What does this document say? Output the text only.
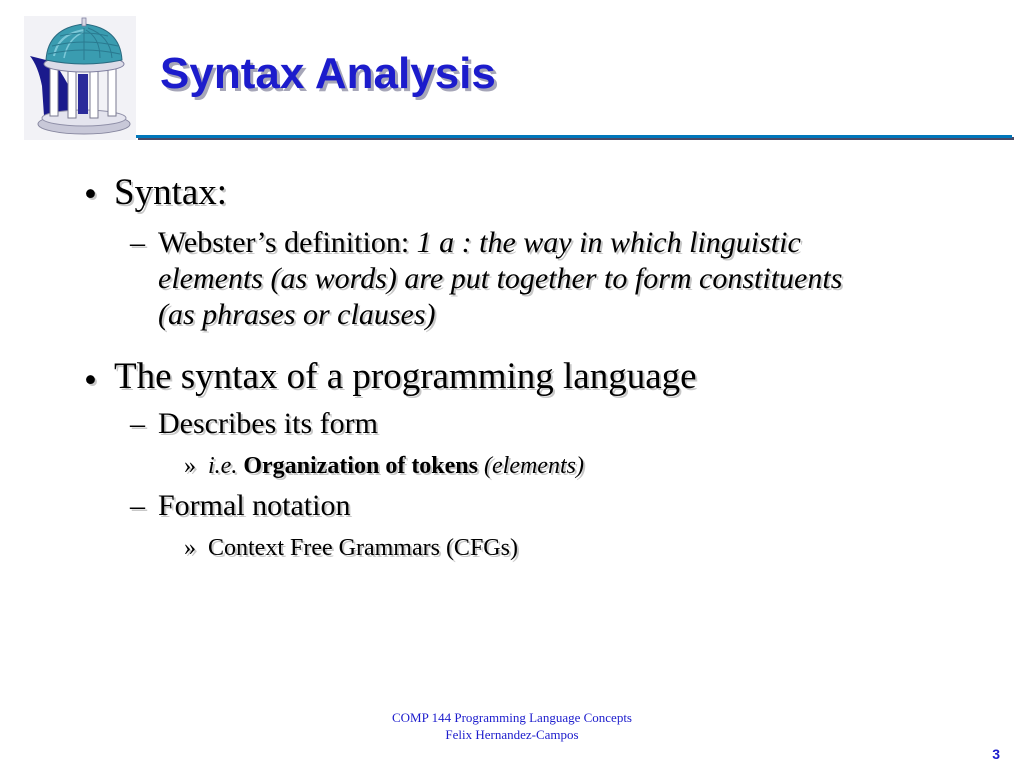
Syntax Analysis
• Syntax:
– Webster’s definition: 1 a : the way in which linguistic
elements (as words) are put together to form constituents
(as phrases or clauses)
• The syntax of a programming language
– Describes its form
» i.e. Organization of tokens (elements)
– Formal notation
» Context Free Grammars (CFGs)
COMP 144 Programming Language Concepts
Felix Hernandez-Campos
3
